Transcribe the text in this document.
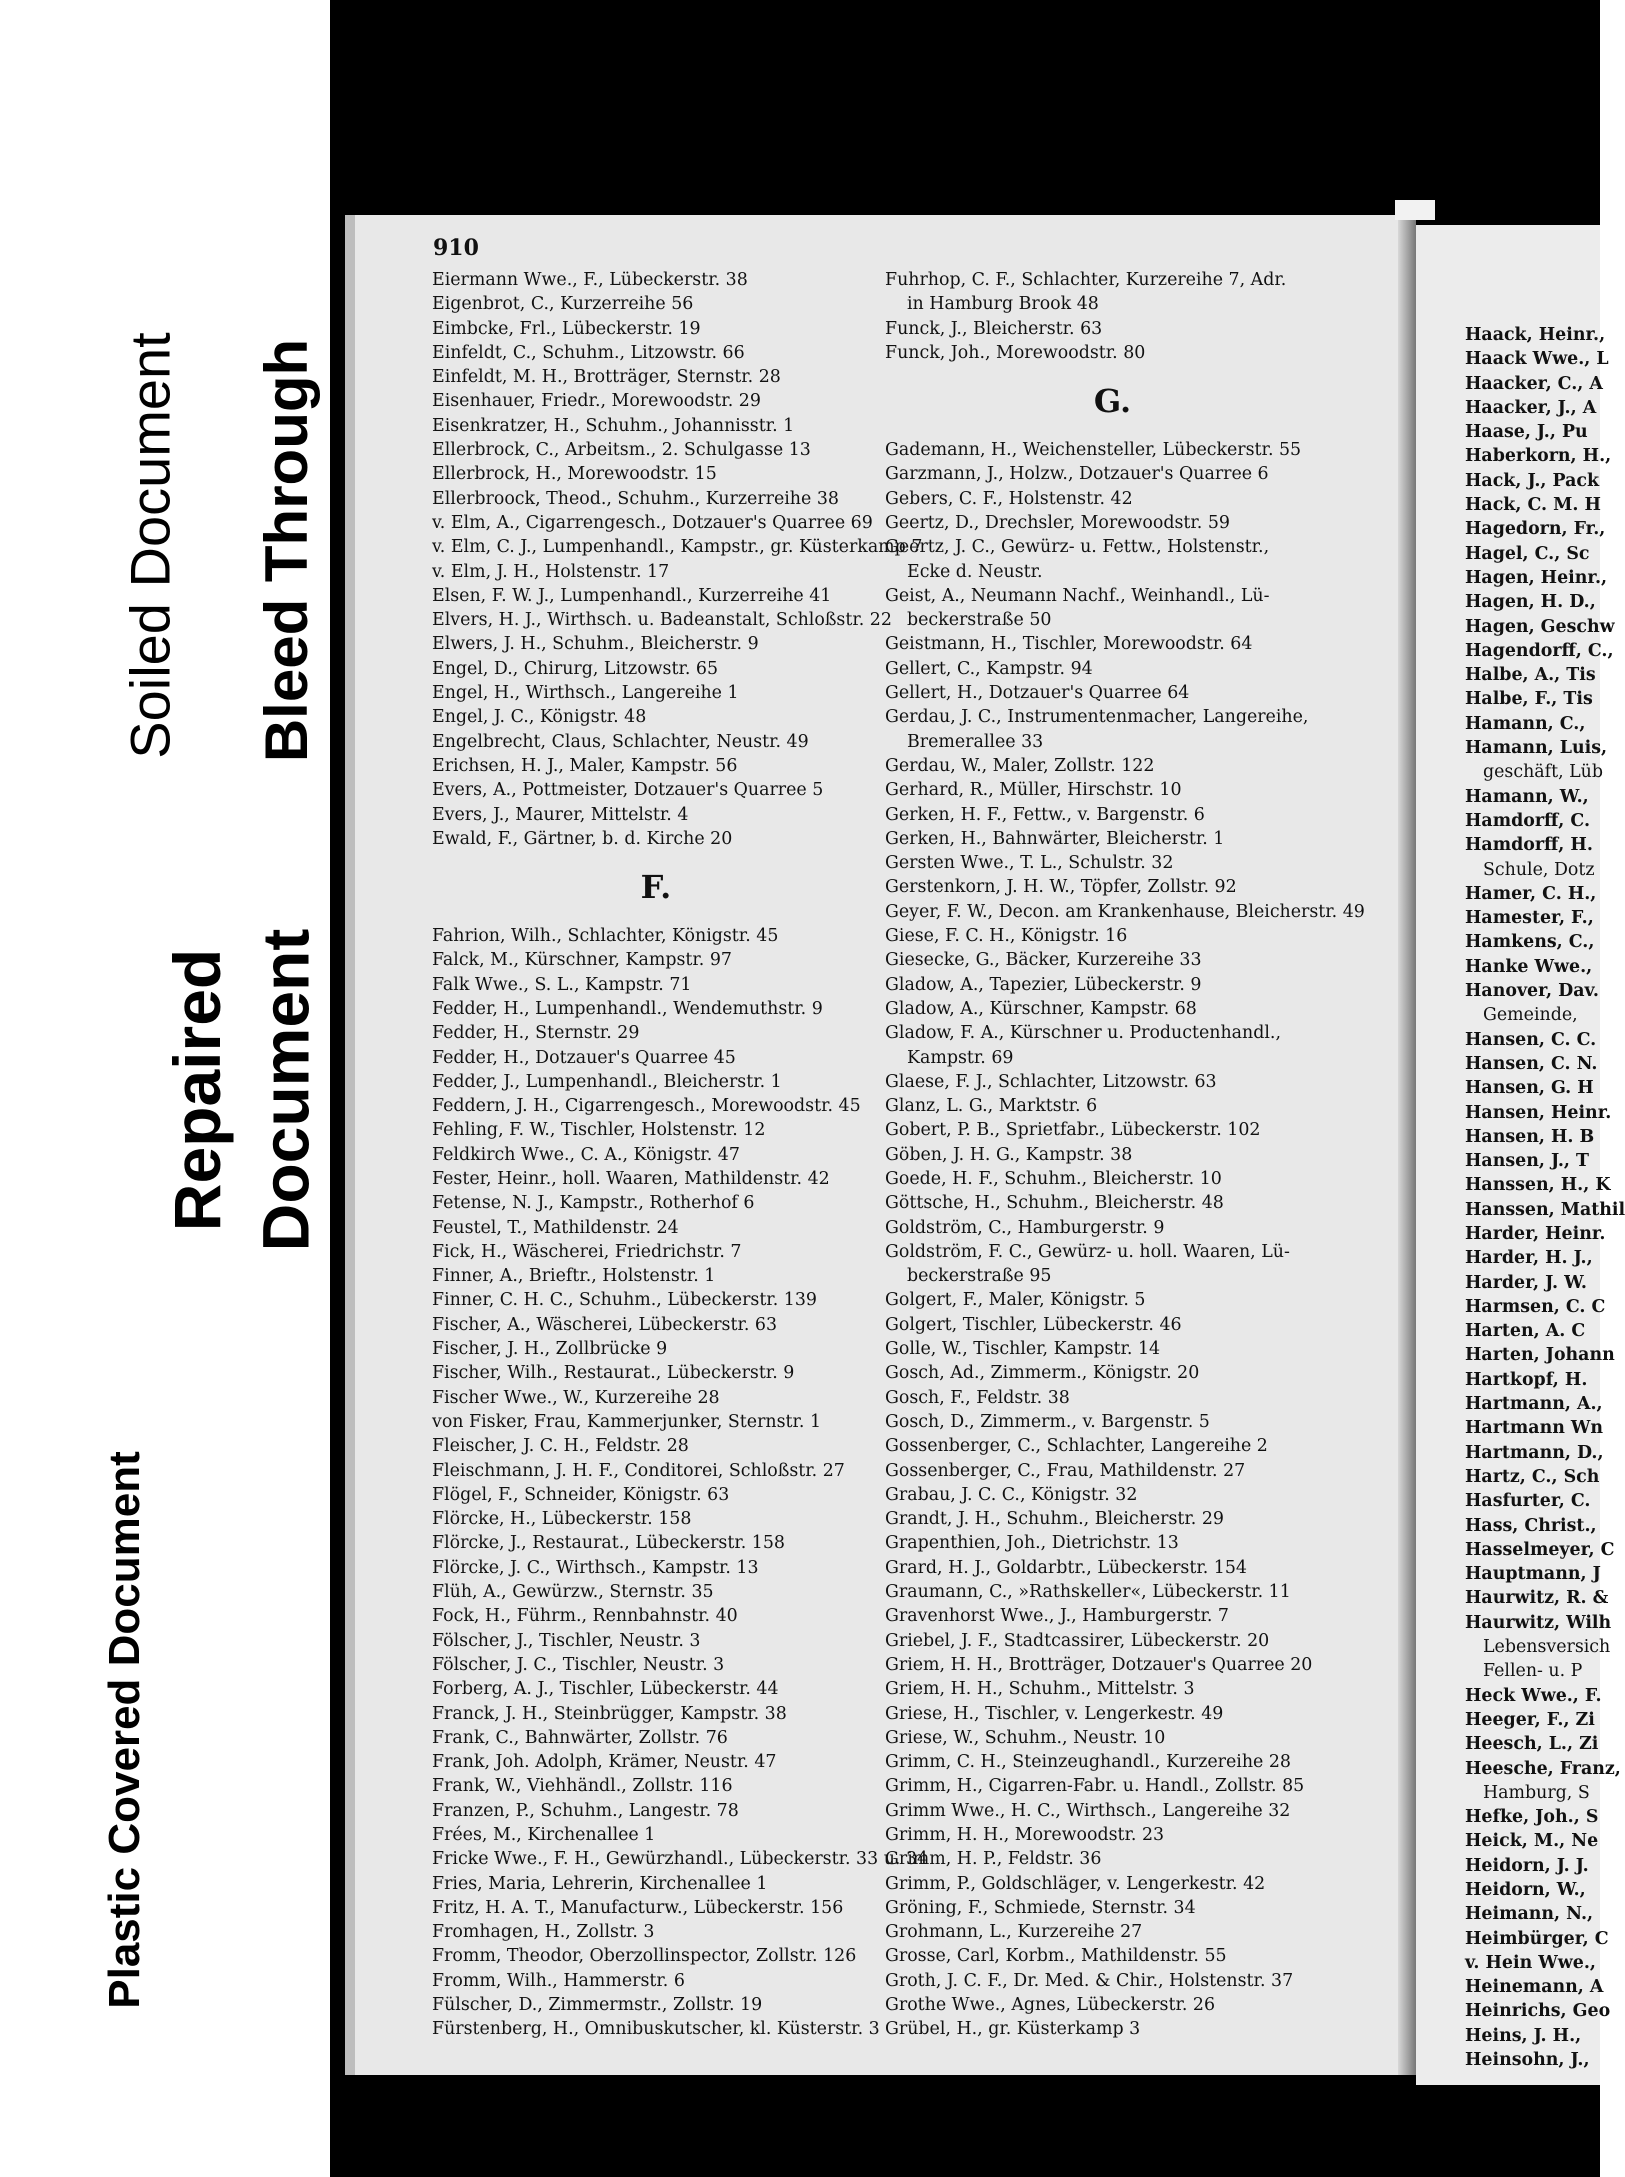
Soiled Document Bleed Through
Repaired Document
Plastic Covered Document
910
Eiermann Wwe., F., Lübeckerstr. 38
Eigenbrot, C., Kurzerreihe 56
Eimbcke, Frl., Lübeckerstr. 19
Einfeldt, C., Schuhm., Litzowstr. 66
Einfeldt, M. H., Brotträger, Sternstr. 28
Eisenhauer, Friedr., Morewoodstr. 29
Eisenkratzer, H., Schuhm., Johannisstr. 1
Ellerbrock, C., Arbeitsm., 2. Schulgasse 13
Ellerbrock, H., Morewoodstr. 15
Ellerbroock, Theod., Schuhm., Kurzerreihe 38
v. Elm, A., Cigarrengesch., Dotzauer's Quarree 69
v. Elm, C. J., Lumpenhandl., Kampstr., gr. Küsterkamp 7
v. Elm, J. H., Holstenstr. 17
Elsen, F. W. J., Lumpenhandl., Kurzerreihe 41
Elvers, H. J., Wirthsch. u. Badeanstalt, Schloßstr. 22
Elwers, J. H., Schuhm., Bleicherstr. 9
Engel, D., Chirurg, Litzowstr. 65
Engel, H., Wirthsch., Langereihe 1
Engel, J. C., Königstr. 48
Engelbrecht, Claus, Schlachter, Neustr. 49
Erichsen, H. J., Maler, Kampstr. 56
Evers, A., Pottmeister, Dotzauer's Quarree 5
Evers, J., Maurer, Mittelstr. 4
Ewald, F., Gärtner, b. d. Kirche 20
F.
Fahrion, Wilh., Schlachter, Königstr. 45
Falck, M., Kürschner, Kampstr. 97
Falk Wwe., S. L., Kampstr. 71
Fedder, H., Lumpenhandl., Wendemuthstr. 9
Fedder, H., Sternstr. 29
Fedder, H., Dotzauer's Quarree 45
Fedder, J., Lumpenhandl., Bleicherstr. 1
Feddern, J. H., Cigarrengesch., Morewoodstr. 45
Fehling, F. W., Tischler, Holstenstr. 12
Feldkirch Wwe., C. A., Königstr. 47
Fester, Heinr., holl. Waaren, Mathildenstr. 42
Fetense, N. J., Kampstr., Rotherhof 6
Feustel, T., Mathildenstr. 24
Fick, H., Wäscherei, Friedrichstr. 7
Finner, A., Brieftr., Holstenstr. 1
Finner, C. H. C., Schuhm., Lübeckerstr. 139
Fischer, A., Wäscherei, Lübeckerstr. 63
Fischer, J. H., Zollbrücke 9
Fischer, Wilh., Restaurat., Lübeckerstr. 9
Fischer Wwe., W., Kurzereihe 28
von Fisker, Frau, Kammerjunker, Sternstr. 1
Fleischer, J. C. H., Feldstr. 28
Fleischmann, J. H. F., Conditorei, Schloßstr. 27
Flögel, F., Schneider, Königstr. 63
Flörcke, H., Lübeckerstr. 158
Flörcke, J., Restaurat., Lübeckerstr. 158
Flörcke, J. C., Wirthsch., Kampstr. 13
Flüh, A., Gewürzw., Sternstr. 35
Fock, H., Führm., Rennbahnstr. 40
Fölscher, J., Tischler, Neustr. 3
Fölscher, J. C., Tischler, Neustr. 3
Forberg, A. J., Tischler, Lübeckerstr. 44
Franck, J. H., Steinbrügger, Kampstr. 38
Frank, C., Bahnwärter, Zollstr. 76
Frank, Joh. Adolph, Krämer, Neustr. 47
Frank, W., Viehhändl., Zollstr. 116
Franzen, P., Schuhm., Langestr. 78
Frées, M., Kirchenallee 1
Fricke Wwe., F. H., Gewürzhandl., Lübeckerstr. 33 u. 34
Fries, Maria, Lehrerin, Kirchenallee 1
Fritz, H. A. T., Manufacturw., Lübeckerstr. 156
Fromhagen, H., Zollstr. 3
Fromm, Theodor, Oberzollinspector, Zollstr. 126
Fromm, Wilh., Hammerstr. 6
Fülscher, D., Zimmermstr., Zollstr. 19
Fürstenberg, H., Omnibuskutscher, kl. Küsterstr. 3
Fuhrhop, C. F., Schlachter, Kurzereihe 7, Adr.
in Hamburg Brook 48
Funck, J., Bleicherstr. 63
Funck, Joh., Morewoodstr. 80
G.
Gademann, H., Weichensteller, Lübeckerstr. 55
Garzmann, J., Holzw., Dotzauer's Quarree 6
Gebers, C. F., Holstenstr. 42
Geertz, D., Drechsler, Morewoodstr. 59
Geertz, J. C., Gewürz- u. Fettw., Holstenstr.,
Ecke d. Neustr.
Geist, A., Neumann Nachf., Weinhandl., Lü-
beckerstraße 50
Geistmann, H., Tischler, Morewoodstr. 64
Gellert, C., Kampstr. 94
Gellert, H., Dotzauer's Quarree 64
Gerdau, J. C., Instrumentenmacher, Langereihe,
Bremerallee 33
Gerdau, W., Maler, Zollstr. 122
Gerhard, R., Müller, Hirschstr. 10
Gerken, H. F., Fettw., v. Bargenstr. 6
Gerken, H., Bahnwärter, Bleicherstr. 1
Gersten Wwe., T. L., Schulstr. 32
Gerstenkorn, J. H. W., Töpfer, Zollstr. 92
Geyer, F. W., Decon. am Krankenhause, Bleicherstr. 49
Giese, F. C. H., Königstr. 16
Giesecke, G., Bäcker, Kurzereihe 33
Gladow, A., Tapezier, Lübeckerstr. 9
Gladow, A., Kürschner, Kampstr. 68
Gladow, F. A., Kürschner u. Productenhandl.,
Kampstr. 69
Glaese, F. J., Schlachter, Litzowstr. 63
Glanz, L. G., Marktstr. 6
Gobert, P. B., Sprietfabr., Lübeckerstr. 102
Göben, J. H. G., Kampstr. 38
Goede, H. F., Schuhm., Bleicherstr. 10
Göttsche, H., Schuhm., Bleicherstr. 48
Goldström, C., Hamburgerstr. 9
Goldström, F. C., Gewürz- u. holl. Waaren, Lü-
beckerstraße 95
Golgert, F., Maler, Königstr. 5
Golgert, Tischler, Lübeckerstr. 46
Golle, W., Tischler, Kampstr. 14
Gosch, Ad., Zimmerm., Königstr. 20
Gosch, F., Feldstr. 38
Gosch, D., Zimmerm., v. Bargenstr. 5
Gossenberger, C., Schlachter, Langereihe 2
Gossenberger, C., Frau, Mathildenstr. 27
Grabau, J. C. C., Königstr. 32
Grandt, J. H., Schuhm., Bleicherstr. 29
Grapenthien, Joh., Dietrichstr. 13
Grard, H. J., Goldarbtr., Lübeckerstr. 154
Graumann, C., »Rathskeller«, Lübeckerstr. 11
Gravenhorst Wwe., J., Hamburgerstr. 7
Griebel, J. F., Stadtcassirer, Lübeckerstr. 20
Griem, H. H., Brotträger, Dotzauer's Quarree 20
Griem, H. H., Schuhm., Mittelstr. 3
Griese, H., Tischler, v. Lengerkestr. 49
Griese, W., Schuhm., Neustr. 10
Grimm, C. H., Steinzeughandl., Kurzereihe 28
Grimm, H., Cigarren-Fabr. u. Handl., Zollstr. 85
Grimm Wwe., H. C., Wirthsch., Langereihe 32
Grimm, H. H., Morewoodstr. 23
Grimm, H. P., Feldstr. 36
Grimm, P., Goldschläger, v. Lengerkestr. 42
Gröning, F., Schmiede, Sternstr. 34
Grohmann, L., Kurzereihe 27
Grosse, Carl, Korbm., Mathildenstr. 55
Groth, J. C. F., Dr. Med. & Chir., Holstenstr. 37
Grothe Wwe., Agnes, Lübeckerstr. 26
Grübel, H., gr. Küsterkamp 3
Haack, Heinr.,
Haack Wwe., L
Haacker, C., A
Haacker, J., A
Haase, J., Pu
Haberkorn, H.,
Hack, J., Pack
Hack, C. M. H
Hagedorn, Fr.,
Hagel, C., Sc
Hagen, Heinr.,
Hagen, H. D.,
Hagen, Geschw
Hagendorff, C.,
Halbe, A., Tis
Halbe, F., Tis
Hamann, C.,
Hamann, Luis,
geschäft, Lüb
Hamann, W.,
Hamdorff, C.
Hamdorff, H.
Schule, Dotz
Hamer, C. H.,
Hamester, F.,
Hamkens, C.,
Hanke Wwe.,
Hanover, Dav.
Gemeinde,
Hansen, C. C.
Hansen, C. N.
Hansen, G. H
Hansen, Heinr.
Hansen, H. B
Hansen, J., T
Hanssen, H., K
Hanssen, Mathil
Harder, Heinr.
Harder, H. J.,
Harder, J. W.
Harmsen, C. C
Harten, A. C
Harten, Johann
Hartkopf, H.
Hartmann, A.,
Hartmann Wn
Hartmann, D.,
Hartz, C., Sch
Hasfurter, C.
Hass, Christ.,
Hasselmeyer, C
Hauptmann, J
Haurwitz, R. &
Haurwitz, Wilh
Lebensversich
Fellen- u. P
Heck Wwe., F.
Heeger, F., Zi
Heesch, L., Zi
Heesche, Franz,
Hamburg, S
Hefke, Joh., S
Heick, M., Ne
Heidorn, J. J.
Heidorn, W.,
Heimann, N.,
Heimbürger, C
v. Hein Wwe.,
Heinemann, A
Heinrichs, Geo
Heins, J. H.,
Heinsohn, J.,
